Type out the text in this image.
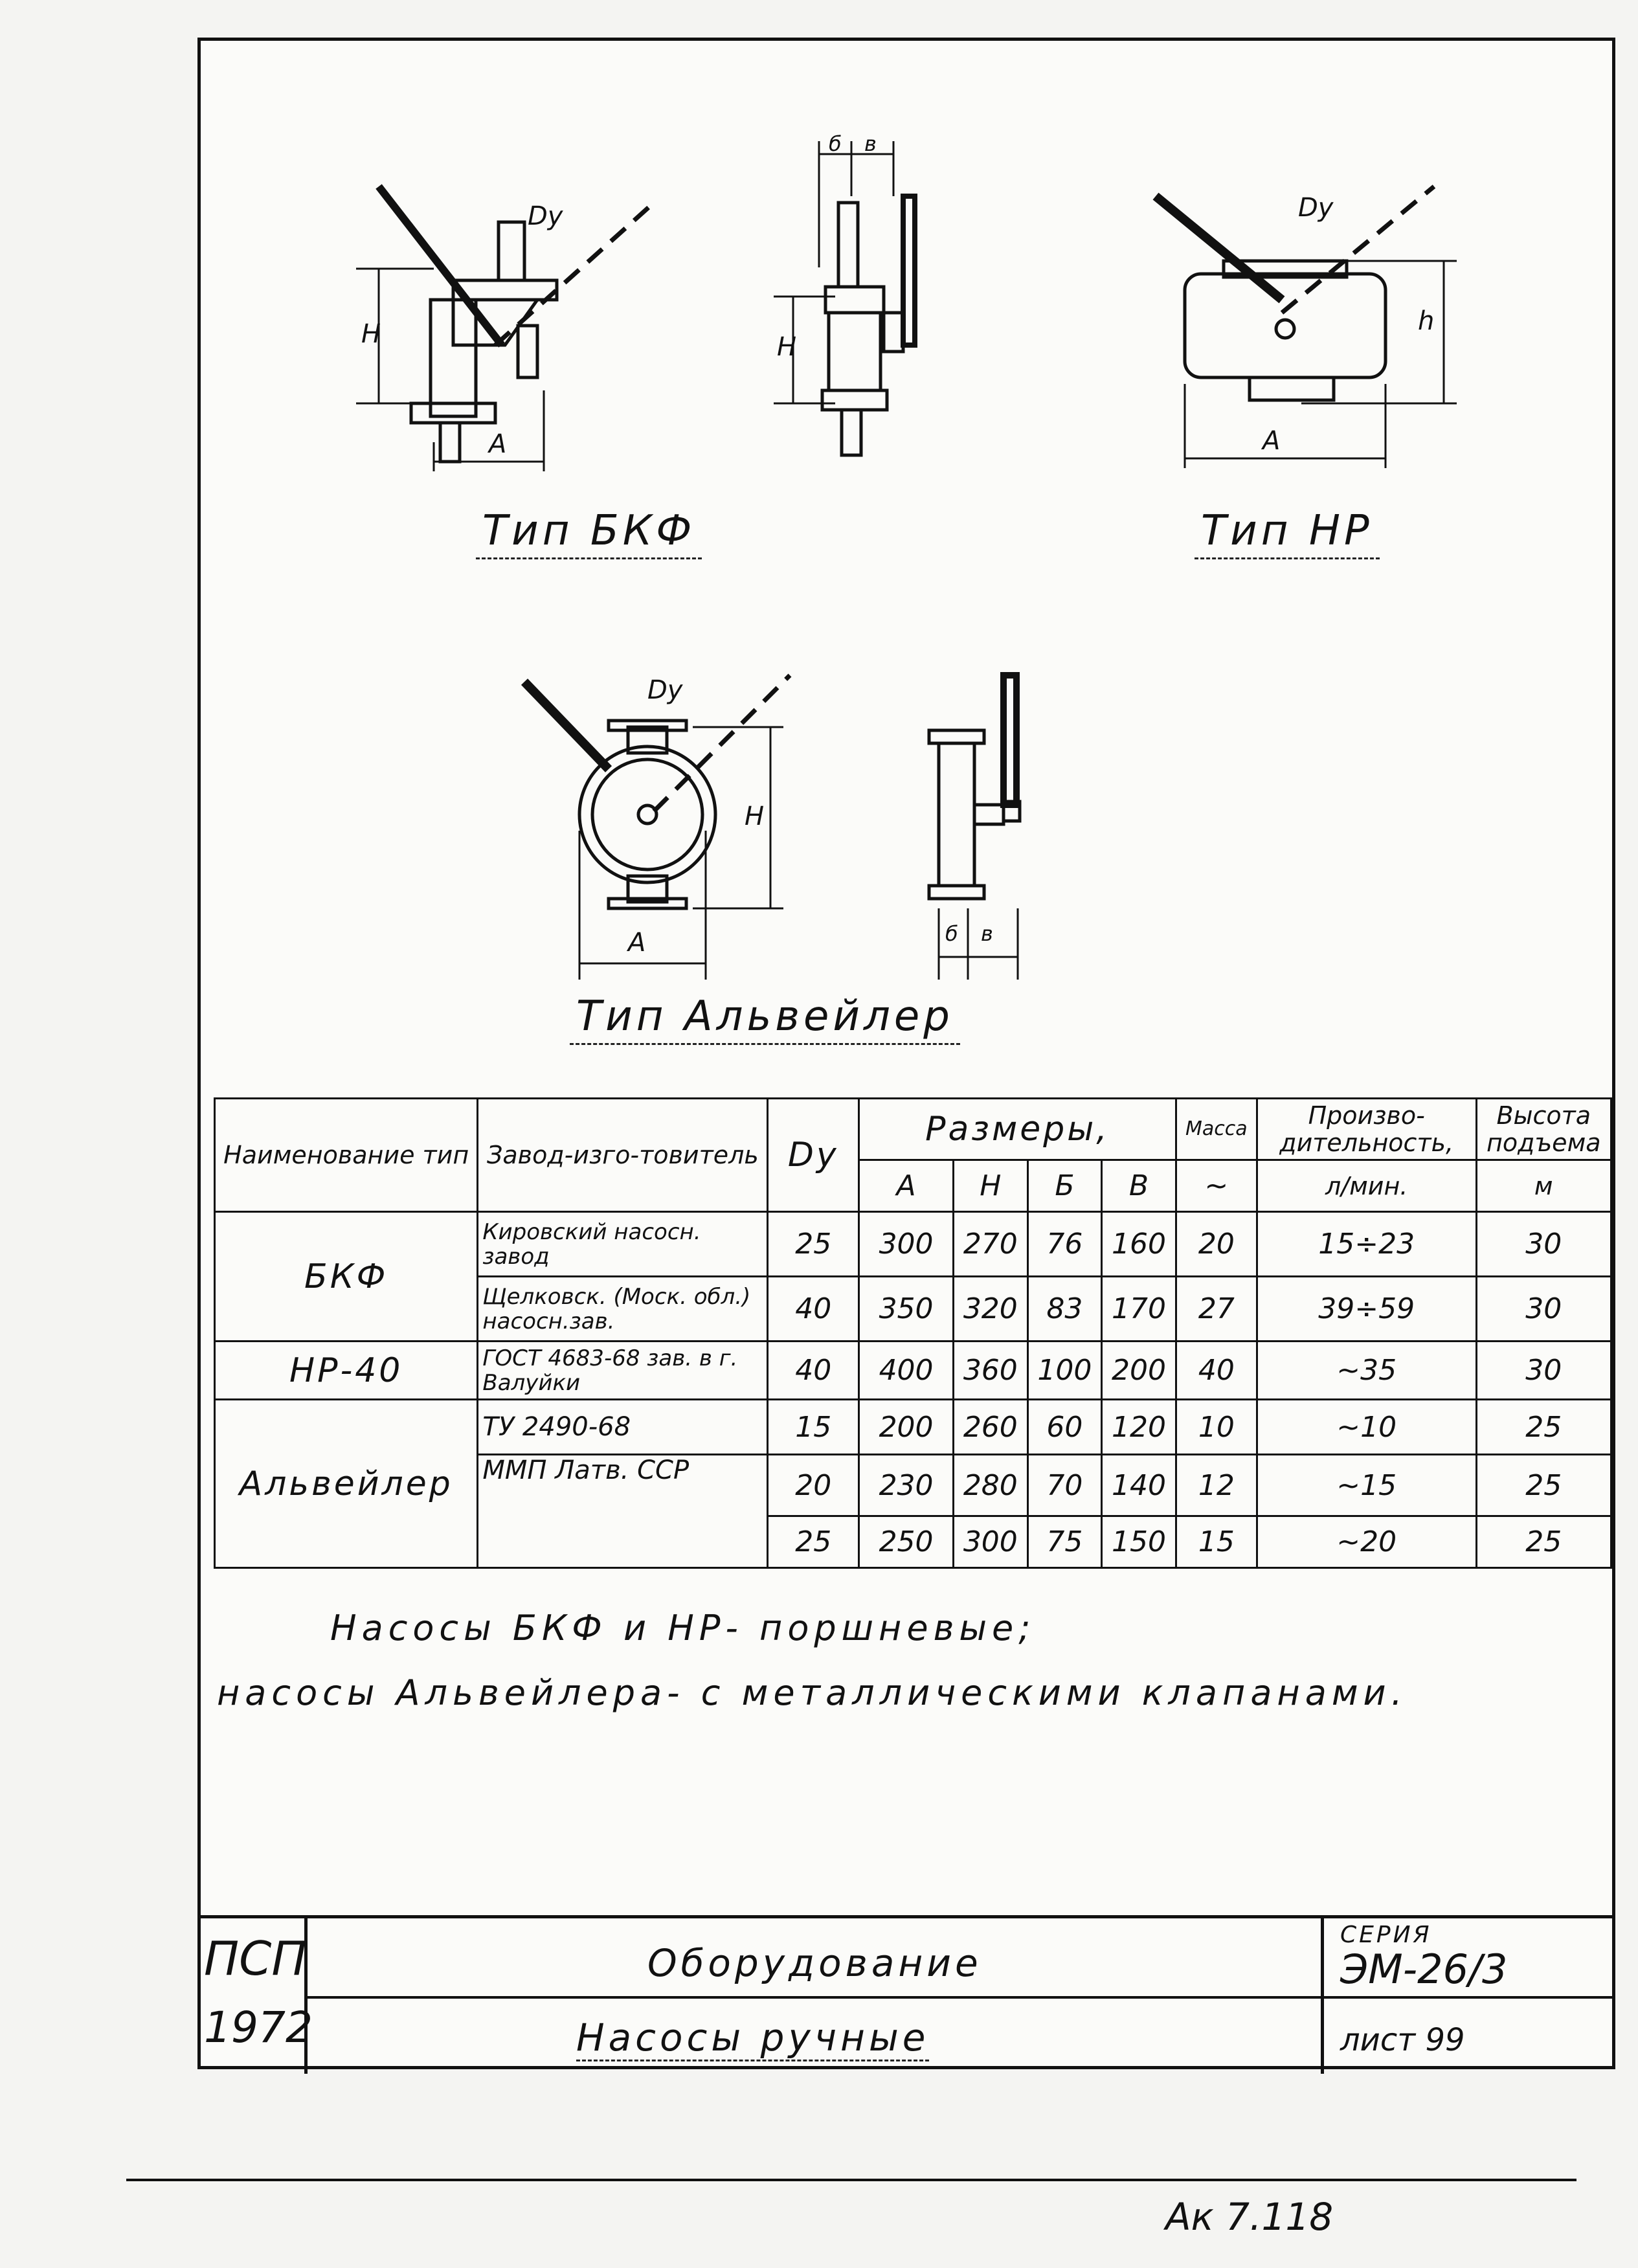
Dу
Н
А
б в
Н
Dу
h
А
Dу
Н
А	б в
Тип БКФ	Тип НР
Тип Альвейлер
Наименование тип	Завод-изго-товитель	Dу	Размеры,				Масса	Произво-дительность,	Высота подъема
			А	Н	Б	В	~	л/мин.	м
БКФ	Кировский насосн. завод	25	300	270	76	160	20	15÷23	30
	Щелковск. (Моск. обл.) насосн.зав.	40	350	320	83	170	27	39÷59	30
НР-40	ГОСТ 4683-68 зав. в г. Валуйки	40	400	360	100	200	40	~35	30
Альвейлер	ТУ 2490-68	15	200	260	60	120	10	~10	25
	ММП Латв. ССР	20	230	280	70	140	12	~15	25
		25	250	300	75	150	15	~20	25
Насосы БКФ и НР- поршневые;
насосы Альвейлера- с металлическими клапанами.
ПСП
1972
Оборудование
Насосы ручные
СЕРИЯ
ЭМ-26/3
лист 99
Ак 7.118
